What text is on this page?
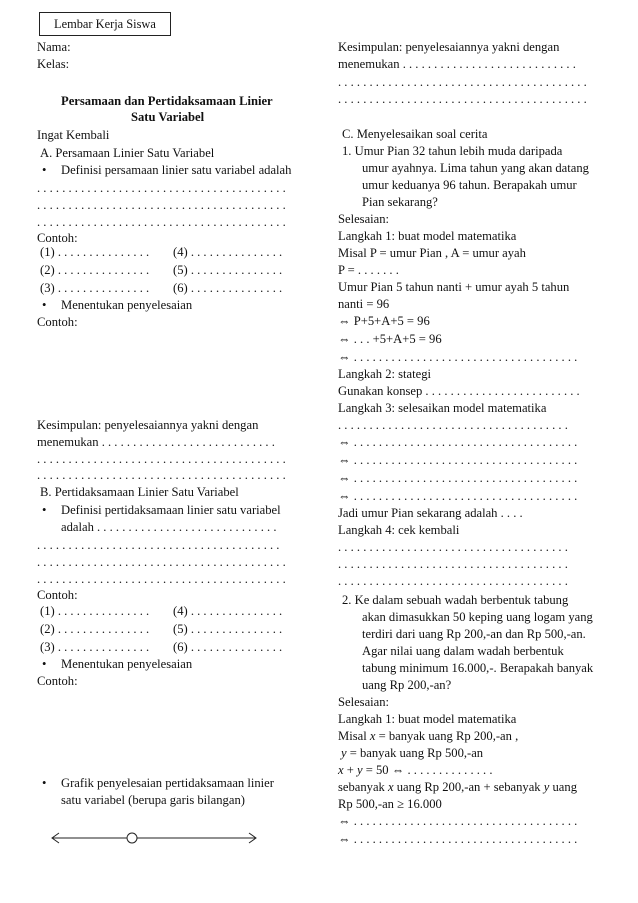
Lembar Kerja Siswa
Nama:
Kelas:
Persamaan dan Pertidaksamaan Linier
Satu Variabel
Ingat Kembali
A. Persamaan Linier Satu Variabel
• Definisi persamaan linier satu variabel adalah
. . . . . . . . . . . . . . . . . . . . . . . . . . . . . . . . . . . . . . . .
. . . . . . . . . . . . . . . . . . . . . . . . . . . . . . . . . . . . . . . .
. . . . . . . . . . . . . . . . . . . . . . . . . . . . . . . . . . . . . . . .
Contoh:
(1) . . . . . . . . . . . . . . . (4) . . . . . . . . . . . . . . .
(2) . . . . . . . . . . . . . . . (5) . . . . . . . . . . . . . . .
(3) . . . . . . . . . . . . . . . (6) . . . . . . . . . . . . . . .
• Menentukan penyelesaian
Contoh:
Kesimpulan: penyelesaiannya yakni dengan
menemukan . . . . . . . . . . . . . . . . . . . . . . . . . . . .
. . . . . . . . . . . . . . . . . . . . . . . . . . . . . . . . . . . . . . . .
. . . . . . . . . . . . . . . . . . . . . . . . . . . . . . . . . . . . . . . .
B. Pertidaksamaan Linier Satu Variabel
• Definisi pertidaksamaan linier satu variabel
adalah . . . . . . . . . . . . . . . . . . . . . . . . . . . . .
. . . . . . . . . . . . . . . . . . . . . . . . . . . . . . . . . . . . . . .
. . . . . . . . . . . . . . . . . . . . . . . . . . . . . . . . . . . . . . . .
. . . . . . . . . . . . . . . . . . . . . . . . . . . . . . . . . . . . . . . .
Contoh:
(1) . . . . . . . . . . . . . . . (4) . . . . . . . . . . . . . . .
(2) . . . . . . . . . . . . . . . (5) . . . . . . . . . . . . . . .
(3) . . . . . . . . . . . . . . . (6) . . . . . . . . . . . . . . .
• Menentukan penyelesaian
Contoh:
• Grafik penyelesaian pertidaksamaan linier
satu variabel (berupa garis bilangan)
Kesimpulan: penyelesaiannya yakni dengan
menemukan . . . . . . . . . . . . . . . . . . . . . . . . . . . .
. . . . . . . . . . . . . . . . . . . . . . . . . . . . . . . . . . . . . . . .
. . . . . . . . . . . . . . . . . . . . . . . . . . . . . . . . . . . . . . . .
C. Menyelesaikan soal cerita
1. Umur Pian 32 tahun lebih muda daripada
umur ayahnya. Lima tahun yang akan datang
umur keduanya 96 tahun. Berapakah umur
Pian sekarang?
Selesaian:
Langkah 1: buat model matematika
Misal P = umur Pian , A = umur ayah
P = . . . . . . .
Umur Pian 5 tahun nanti + umur ayah 5 tahun
nanti = 96
⇔ P+5+A+5 = 96
⇔ . . . +5+A+5 = 96
⇔ . . . . . . . . . . . . . . . . . . . . . . . . . . . . . . . . . . . .
Langkah 2: stategi
Gunakan konsep . . . . . . . . . . . . . . . . . . . . . . . . .
Langkah 3: selesaikan model matematika
. . . . . . . . . . . . . . . . . . . . . . . . . . . . . . . . . . . . .
⇔ . . . . . . . . . . . . . . . . . . . . . . . . . . . . . . . . . . . .
⇔ . . . . . . . . . . . . . . . . . . . . . . . . . . . . . . . . . . . .
⇔ . . . . . . . . . . . . . . . . . . . . . . . . . . . . . . . . . . . .
⇔ . . . . . . . . . . . . . . . . . . . . . . . . . . . . . . . . . . . .
Jadi umur Pian sekarang adalah . . . .
Langkah 4: cek kembali
. . . . . . . . . . . . . . . . . . . . . . . . . . . . . . . . . . . . .
. . . . . . . . . . . . . . . . . . . . . . . . . . . . . . . . . . . . .
. . . . . . . . . . . . . . . . . . . . . . . . . . . . . . . . . . . . .
2. Ke dalam sebuah wadah berbentuk tabung
akan dimasukkan 50 keping uang logam yang
terdiri dari uang Rp 200,-an dan Rp 500,-an.
Agar nilai uang dalam wadah berbentuk
tabung minimum 16.000,-. Berapakah banyak
uang Rp 200,-an?
Selesaian:
Langkah 1: buat model matematika
Misal x = banyak uang Rp 200,-an ,
y = banyak uang Rp 500,-an
x + y = 50 ⇔ . . . . . . . . . . . . . .
sebanyak x uang Rp 200,-an + sebanyak y uang
Rp 500,-an ≥ 16.000
⇔ . . . . . . . . . . . . . . . . . . . . . . . . . . . . . . . . . . . .
⇔ . . . . . . . . . . . . . . . . . . . . . . . . . . . . . . . . . . . .
